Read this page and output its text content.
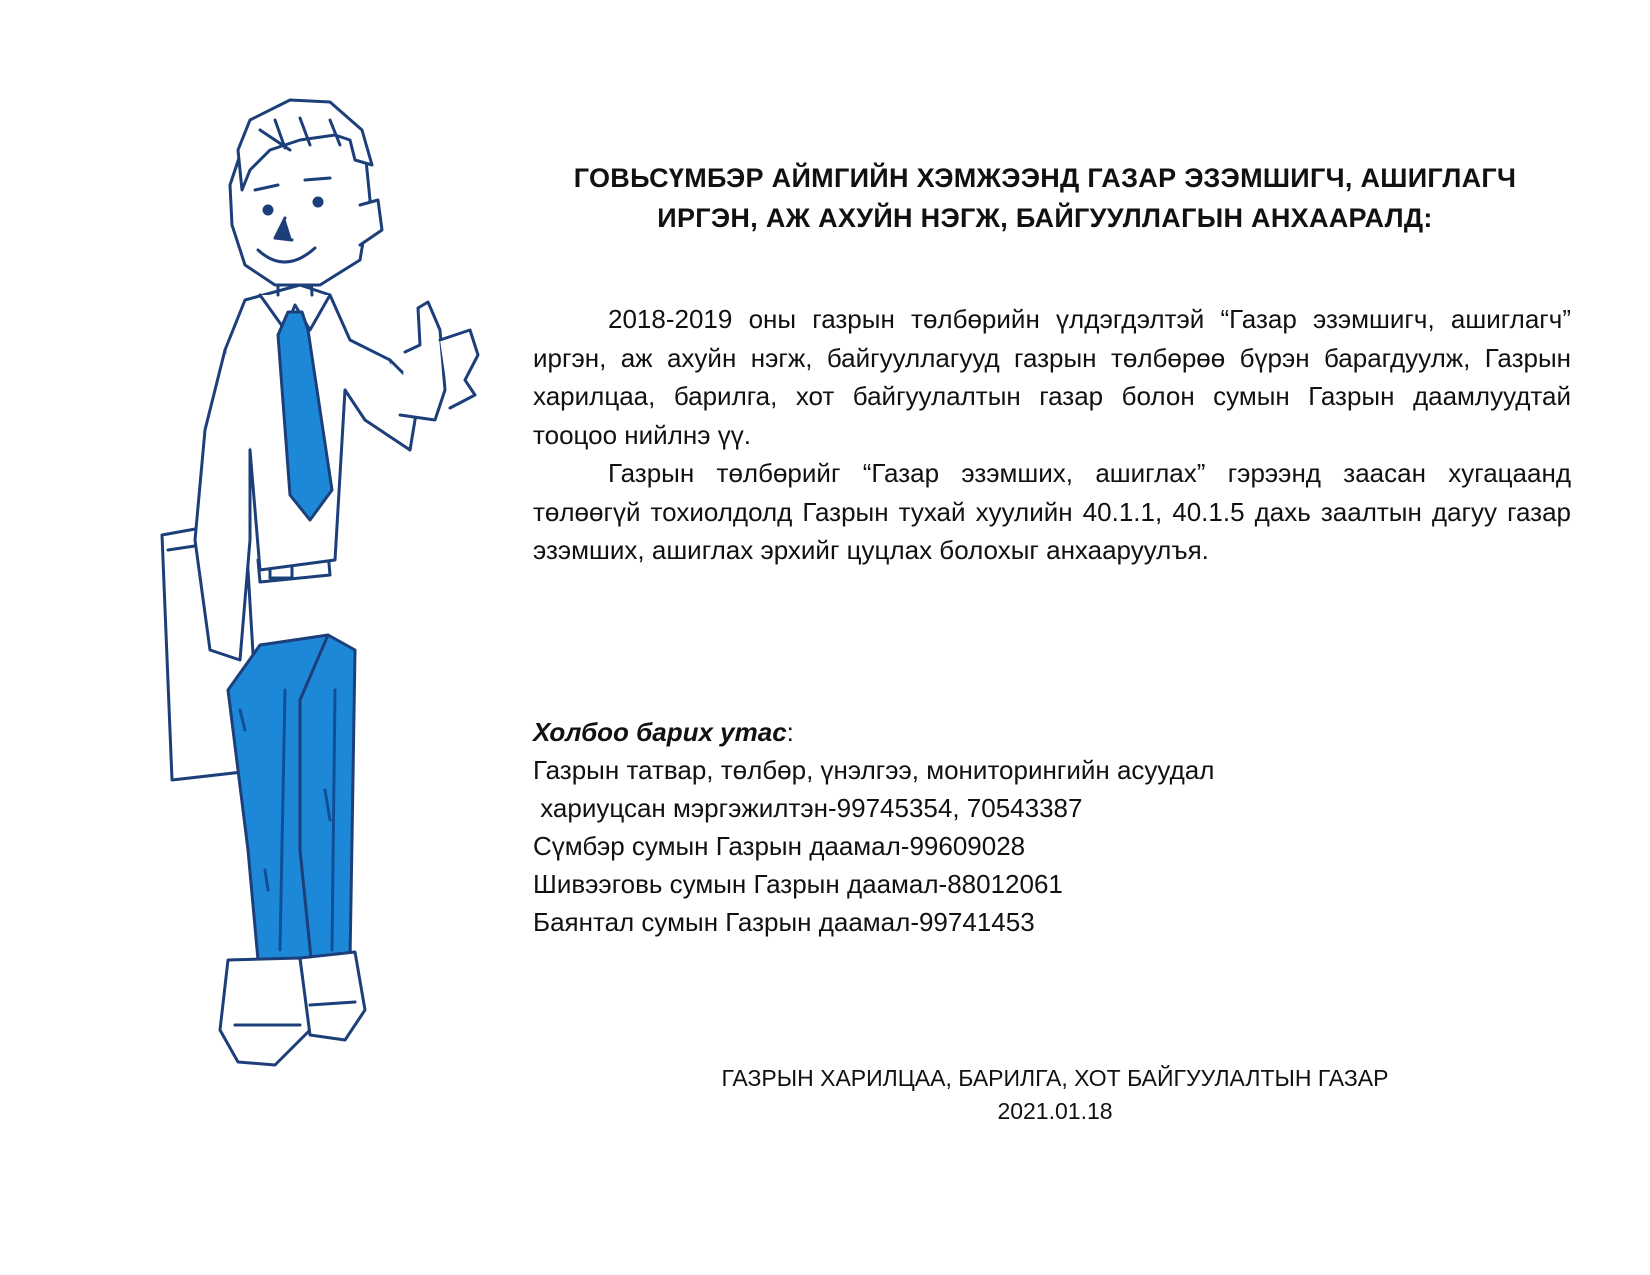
ГОВЬСҮМБЭР АЙМГИЙН ХЭМЖЭЭНД ГАЗАР ЭЗЭМШИГЧ, АШИГЛАГЧ
ИРГЭН, АЖ АХУЙН НЭГЖ, БАЙГУУЛЛАГЫН АНХААРАЛД:

2018-2019 оны газрын төлбөрийн үлдэгдэлтэй “Газар эзэмшигч, ашиглагч” иргэн, аж ахуйн нэгж, байгууллагууд газрын төлбөрөө бүрэн барагдуулж, Газрын харилцаа, барилга, хот байгуулалтын газар болон сумын Газрын даамлуудтай тооцоо нийлнэ үү.

Газрын төлбөрийг “Газар эзэмших, ашиглах” гэрээнд заасан хугацаанд төлөөгүй тохиолдолд Газрын тухай хуулийн 40.1.1, 40.1.5 дахь заалтын дагуу газар эзэмших, ашиглах эрхийг цуцлах болохыг анхааруулъя.

Холбоо барих утас:
Газрын татвар, төлбөр, үнэлгээ, мониторингийн асуудал
хариуцсан мэргэжилтэн-99745354, 70543387
Сүмбэр сумын Газрын даамал-99609028
Шивээговь сумын Газрын даамал-88012061
Баянтал сумын Газрын даамал-99741453
ГАЗРЫН ХАРИЛЦАА, БАРИЛГА, ХОТ БАЙГУУЛАЛТЫН ГАЗАР
2021.01.18
